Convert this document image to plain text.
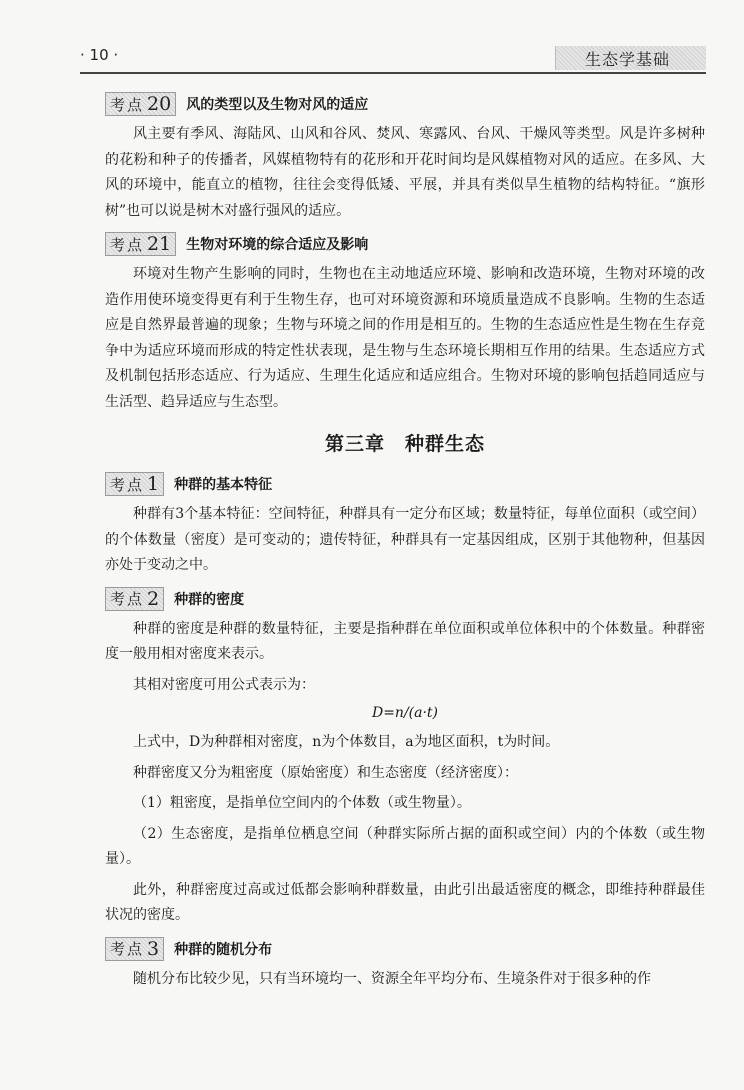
· 10 ·	生态学基础
考点 20 风的类型以及生物对风的适应

风主要有季风、海陆风、山风和谷风、焚风、寒露风、台风、干燥风等类型。风是许多树种的花粉和种子的传播者，风媒植物特有的花形和开花时间均是风媒植物对风的适应。在多风、大风的环境中，能直立的植物，往往会变得低矮、平展，并具有类似旱生植物的结构特征。“旗形树”也可以说是树木对盛行强风的适应。

考点 21 生物对环境的综合适应及影响

环境对生物产生影响的同时，生物也在主动地适应环境、影响和改造环境，生物对环境的改造作用使环境变得更有利于生物生存，也可对环境资源和环境质量造成不良影响。生物的生态适应是自然界最普遍的现象；生物与环境之间的作用是相互的。生物的生态适应性是生物在生存竞争中为适应环境而形成的特定性状表现，是生物与生态环境长期相互作用的结果。生态适应方式及机制包括形态适应、行为适应、生理生化适应和适应组合。生物对环境的影响包括趋同适应与生活型、趋异适应与生态型。

第三章　种群生态
考点 1 种群的基本特征

种群有3个基本特征：空间特征，种群具有一定分布区域；数量特征，每单位面积（或空间）的个体数量（密度）是可变动的；遗传特征，种群具有一定基因组成，区别于其他物种，但基因亦处于变动之中。

考点 2 种群的密度

种群的密度是种群的数量特征，主要是指种群在单位面积或单位体积中的个体数量。种群密度一般用相对密度来表示。

其相对密度可用公式表示为：

D=n/(a·t)

上式中，D为种群相对密度，n为个体数目，a为地区面积，t为时间。

种群密度又分为粗密度（原始密度）和生态密度（经济密度）：

（1）粗密度，是指单位空间内的个体数（或生物量）。

（2）生态密度，是指单位栖息空间（种群实际所占据的面积或空间）内的个体数（或生物量）。

此外，种群密度过高或过低都会影响种群数量，由此引出最适密度的概念，即维持种群最佳状况的密度。

考点 3 种群的随机分布

随机分布比较少见，只有当环境均一、资源全年平均分布、生境条件对于很多种的作
